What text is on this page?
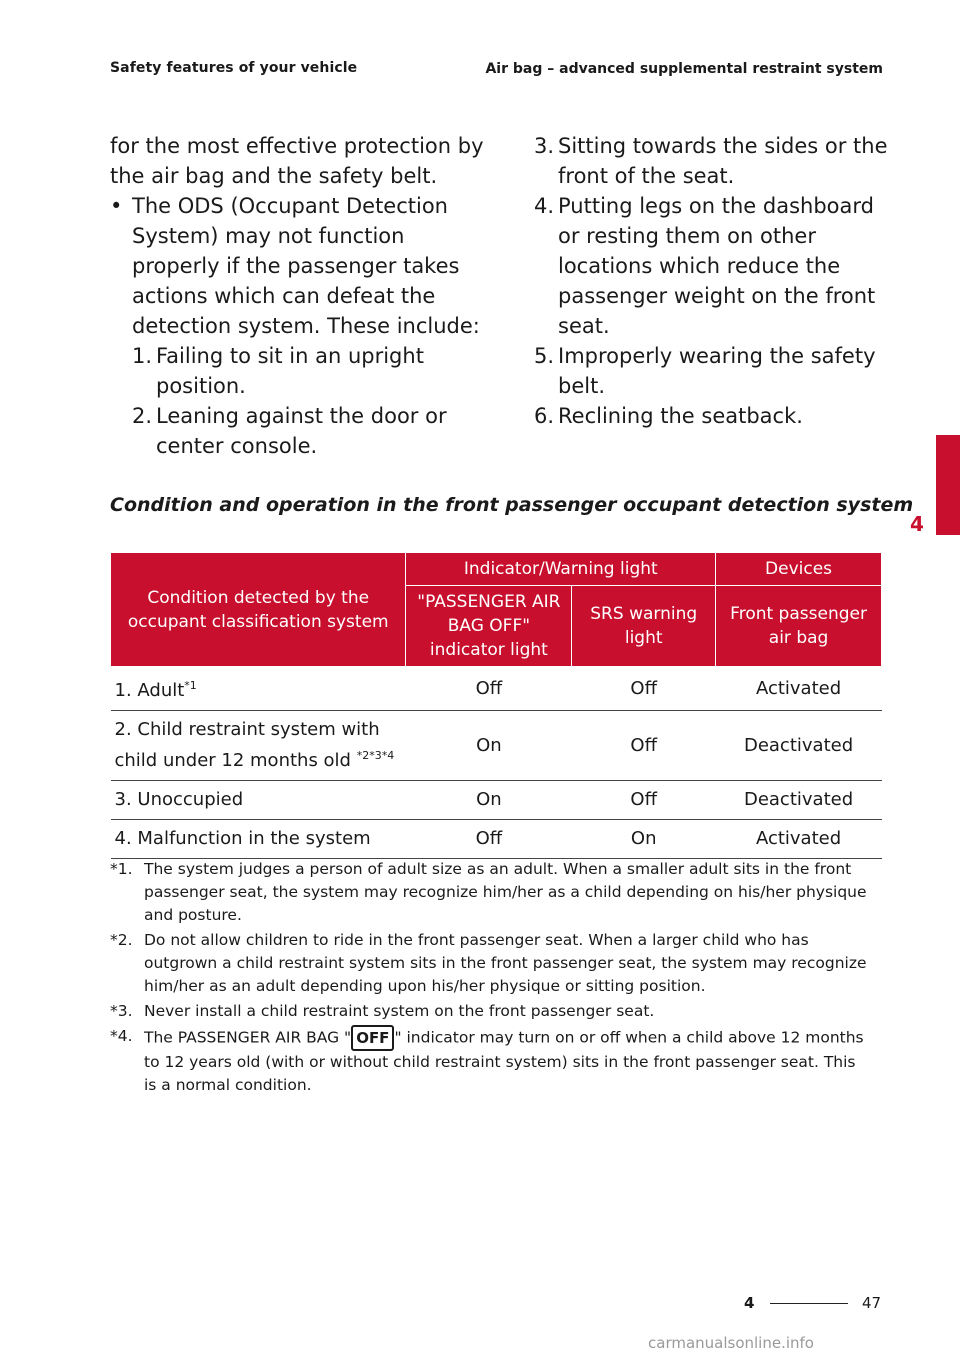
Safety features of your vehicle	Air bag – advanced supplemental restraint system
4

for the most effective protection by the air bag and the safety belt.

• The ODS (Occupant Detection System) may not function properly if the passenger takes actions which can defeat the detection system. These include:
1. Failing to sit in an upright position.
2. Leaning against the door or center console.
3. Sitting towards the sides or the front of the seat.
4. Putting legs on the dashboard or resting them on other locations which reduce the passenger weight on the front seat.
5. Improperly wearing the safety belt.
6. Reclining the seatback.
Condition and operation in the front passenger occupant detection system
Condition detected by the occupant classification system	Indicator/Warning light		Devices
	"PASSENGER AIR BAG OFF" indicator light	SRS warning light	Front passenger air bag
1. Adult$^{*1}$	Off	Off	Activated
2. Child restraint system with child under 12 months old $^{*2*3*4}$	On	Off	Deactivated
3. Unoccupied	On	Off	Deactivated
4. Malfunction in the system	Off	On	Activated
*1. The system judges a person of adult size as an adult. When a smaller adult sits in the front passenger seat, the system may recognize him/her as a child depending on his/her physique and posture.
*2. Do not allow children to ride in the front passenger seat. When a larger child who has outgrown a child restraint system sits in the front passenger seat, the system may recognize him/her as an adult depending upon his/her physique or sitting position.
*3. Never install a child restraint system on the front passenger seat.
*4. The PASSENGER AIR BAG " OFF " indicator may turn on or off when a child above 12 months to 12 years old (with or without child restraint system) sits in the front passenger seat. This is a normal condition.
4	47
carmanualsonline.info
